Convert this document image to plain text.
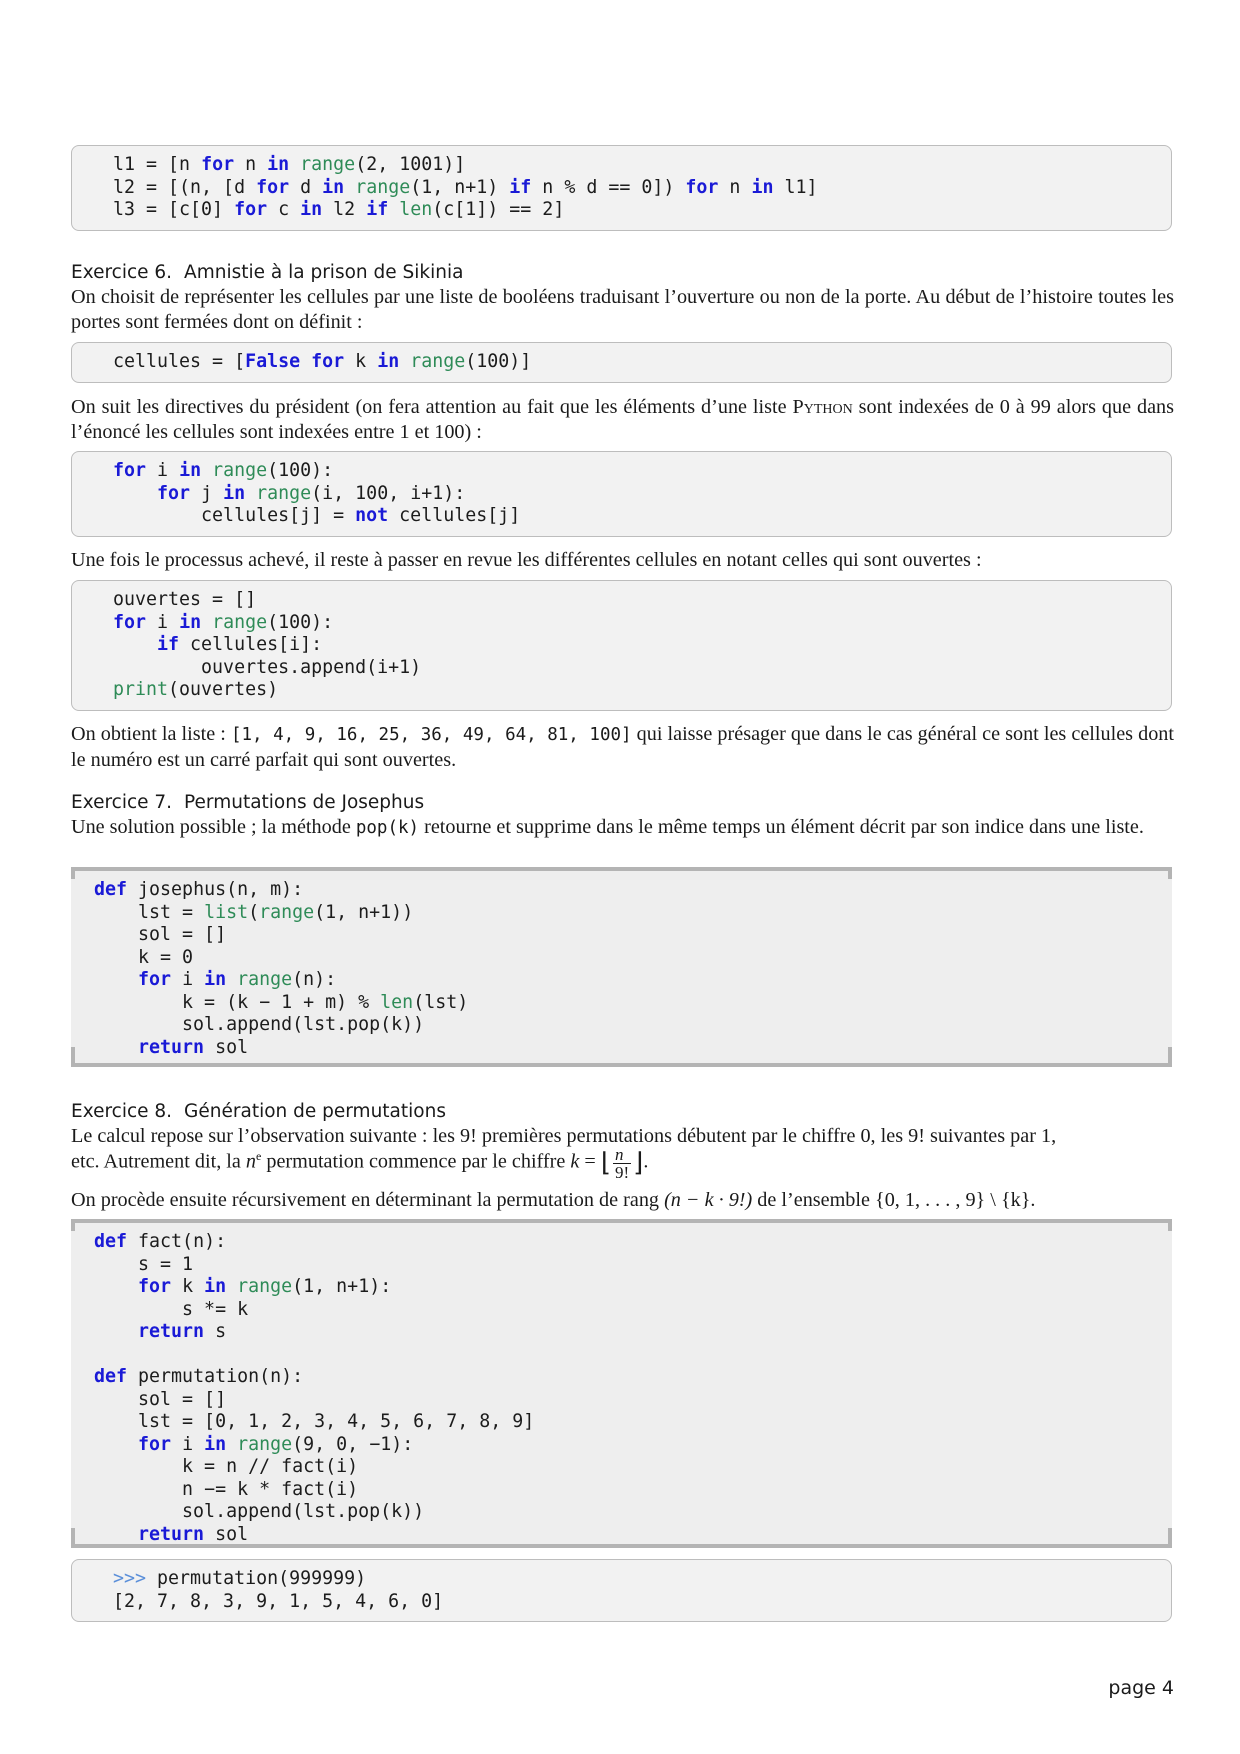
l1 = [n for n in range(2, 1001)]
l2 = [(n, [d for d in range(1, n+1) if n % d == 0]) for n in l1]
l3 = [c[0] for c in l2 if len(c[1]) == 2]
Exercice 6. Amnistie à la prison de Sikinia
On choisit de représenter les cellules par une liste de booléens traduisant l’ouverture ou non de la porte. Au début de l’histoire toutes les portes sont fermées dont on définit :
cellules = [False for k in range(100)]
On suit les directives du président (on fera attention au fait que les éléments d’une liste Python sont indexées de 0 à 99 alors que dans l’énoncé les cellules sont indexées entre 1 et 100) :
for i in range(100):
for j in range(i, 100, i+1):
cellules[j] = not cellules[j]
Une fois le processus achevé, il reste à passer en revue les différentes cellules en notant celles qui sont ouvertes :
ouvertes = []
for i in range(100):
if cellules[i]:
ouvertes.append(i+1)
print(ouvertes)
On obtient la liste : [1, 4, 9, 16, 25, 36, 49, 64, 81, 100] qui laisse présager que dans le cas général ce sont les cellules dont le numéro est un carré parfait qui sont ouvertes.
Exercice 7. Permutations de Josephus
Une solution possible ; la méthode pop(k) retourne et supprime dans le même temps un élément décrit par son indice dans une liste.
def josephus(n, m):
lst = list(range(1, n+1))
sol = []
k = 0
for i in range(n):
k = (k − 1 + m) % len(lst)
sol.append(lst.pop(k))
return sol
Exercice 8. Génération de permutations
Le calcul repose sur l’observation suivante : les 9! premières permutations débutent par le chiffre 0, les 9! suivantes par 1,
etc. Autrement dit, la $n^e$ permutation commence par le chiffre k = ⌊ $\frac{n}{9!}$ ⌋.
On procède ensuite récursivement en déterminant la permutation de rang (n − k · 9!) de l’ensemble {0, 1, . . . , 9} \ {k}.
def fact(n):
s = 1
for k in range(1, n+1):
s *= k
return s

def permutation(n):
sol = []
lst = [0, 1, 2, 3, 4, 5, 6, 7, 8, 9]
for i in range(9, 0, −1):
k = n // fact(i)
n −= k * fact(i)
sol.append(lst.pop(k))
return sol
>>> permutation(999999)
[2, 7, 8, 3, 9, 1, 5, 4, 6, 0]
page 4
